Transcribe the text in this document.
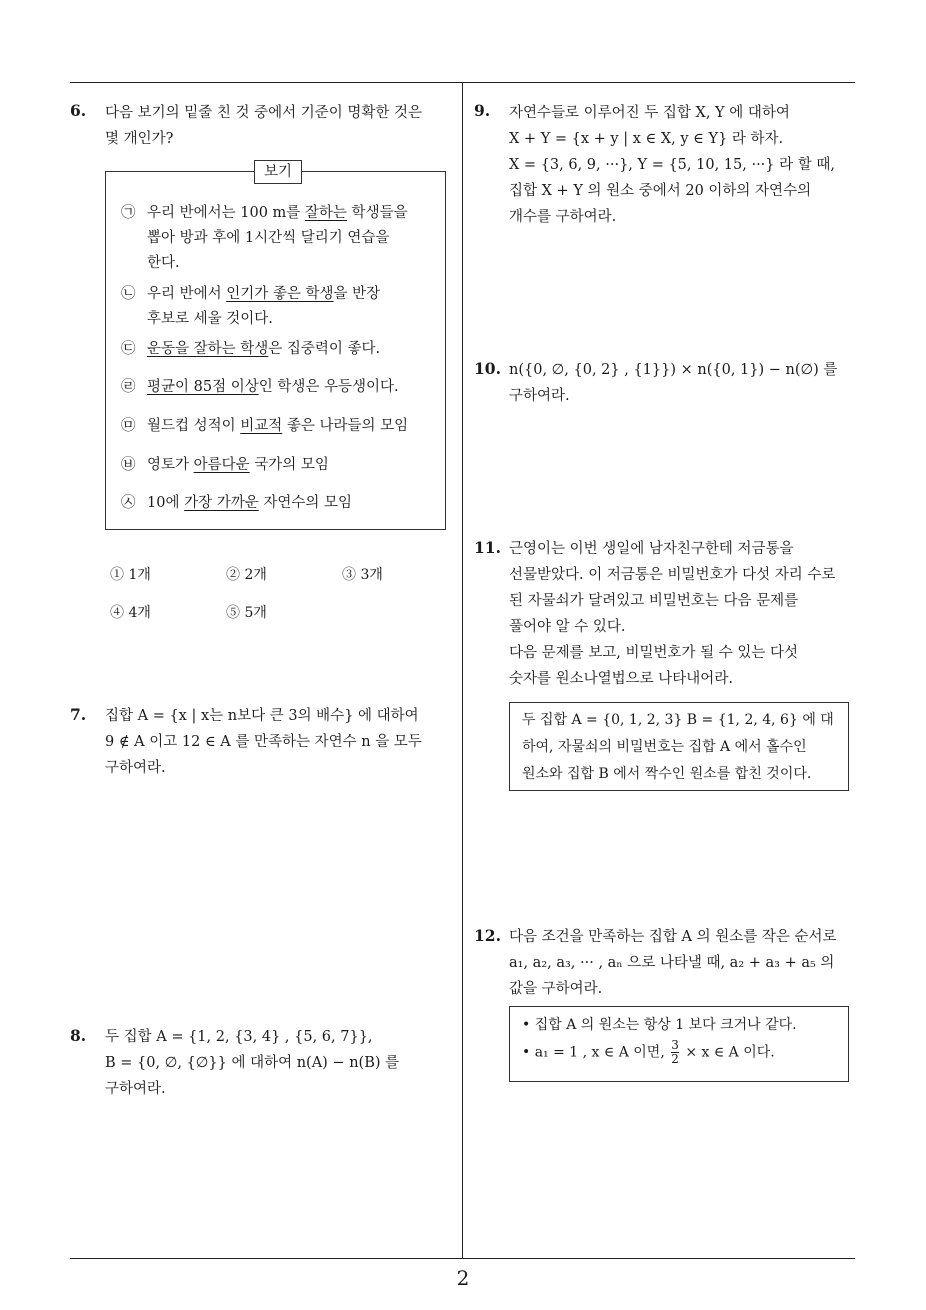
2
6. 다음 보기의 밑줄 친 것 중에서 기준이 명확한 것은
몇 개인가?
보기
㉠ 우리 반에서는 100 m를 잘하는 학생들을
뽑아 방과 후에 1시간씩 달리기 연습을
한다.
㉡ 우리 반에서 인기가 좋은 학생을 반장
후보로 세울 것이다.
㉢ 운동을 잘하는 학생은 집중력이 좋다.
㉣ 평균이 85점 이상인 학생은 우등생이다.
㉤ 월드컵 성적이 비교적 좋은 나라들의 모임
㉥ 영토가 아름다운 국가의 모임
㉦ 10에 가장 가까운 자연수의 모임
① 1개	② 2개	③ 3개
④ 4개	⑤ 5개
7. 집합 A = {x | x는 n보다 큰 3의 배수} 에 대하여
9 ∉ A 이고 12 ∈ A 를 만족하는 자연수 n 을 모두
구하여라.
8. 두 집합 A = {1, 2, {3, 4} , {5, 6, 7}},
B = {0, ∅, {∅}} 에 대하여 n(A) − n(B) 를
구하여라.
9. 자연수들로 이루어진 두 집합 X, Y 에 대하여
X + Y = {x + y | x ∈ X, y ∈ Y} 라 하자.
X = {3, 6, 9, ···}, Y = {5, 10, 15, ···} 라 할 때,
집합 X + Y 의 원소 중에서 20 이하의 자연수의
개수를 구하여라.
10. n({0, ∅, {0, 2} , {1}}) × n({0, 1}) − n(∅) 를
구하여라.
11. 근영이는 이번 생일에 남자친구한테 저금통을
선물받았다. 이 저금통은 비밀번호가 다섯 자리 수로
된 자물쇠가 달려있고 비밀번호는 다음 문제를
풀어야 알 수 있다.
다음 문제를 보고, 비밀번호가 될 수 있는 다섯
숫자를 원소나열법으로 나타내어라.
두 집합 A = {0, 1, 2, 3} B = {1, 2, 4, 6} 에 대
하여, 자물쇠의 비밀번호는 집합 A 에서 홀수인
원소와 집합 B 에서 짝수인 원소를 합친 것이다.
12. 다음 조건을 만족하는 집합 A 의 원소를 작은 순서로
a₁, a₂, a₃, ··· , aₙ 으로 나타낼 때, a₂ + a₃ + a₅ 의
값을 구하여라.
• 집합 A 의 원소는 항상 1 보다 크거나 같다.
• a₁ = 1 , x ∈ A 이면, $\frac{3}{2} \times x$ ∈ A 이다.
